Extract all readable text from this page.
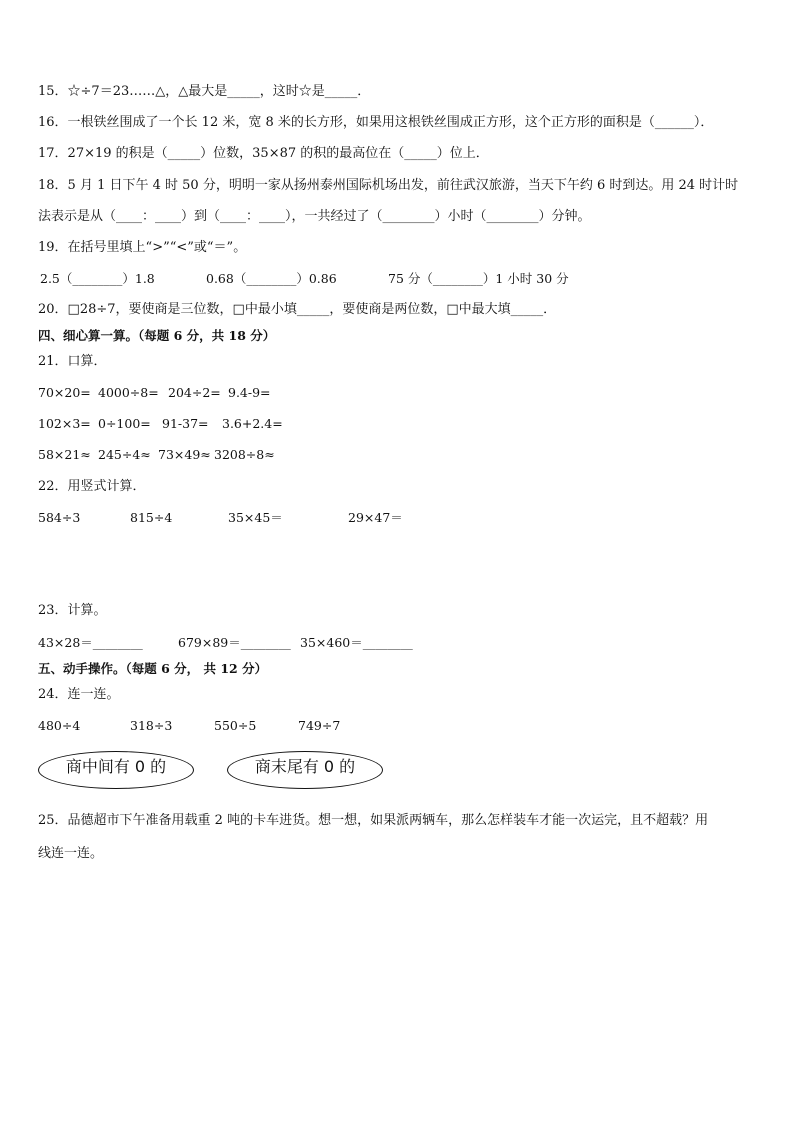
15．☆÷7＝23……△，△最大是_____，这时☆是_____．

16．一根铁丝围成了一个长 12 米，宽 8 米的长方形，如果用这根铁丝围成正方形，这个正方形的面积是（______）．

17．27×19 的积是（_____）位数，35×87 的积的最高位在（_____）位上．

18．5 月 1 日下午 4 时 50 分，明明一家从扬州泰州国际机场出发，前往武汉旅游，当天下午约 6 时到达。用 24 时计时

法表示是从（____：____）到（____：____），一共经过了（________）小时（________）分钟。

19．在括号里填上“>”“<”或“＝”。

2.5（________）1.8	0.68（________）0.86	75 分（________）1 小时 30 分

20．□28÷7，要使商是三位数，□中最小填_____，要使商是两位数，□中最大填_____．

四、细心算一算。（每题 6 分，共 18 分）

21．口算．

70×20= 4000÷8= 204÷2= 9.4-9=
102×3= 0÷100= 91-37= 3.6+2.4=
58×21≈ 245÷4≈ 73×49≈ 3208÷8≈

22．用竖式计算．

584÷3	815÷4	35×45＝	29×47＝

23．计算。

43×28＝________	679×89＝________ 35×460＝________

五、动手操作。（每题 6 分， 共 12 分）

24．连一连。

480÷4	318÷3	550÷5	749÷7
商中间有 0 的	商末尾有 0 的

25．品德超市下午准备用载重 2 吨的卡车进货。想一想，如果派两辆车，那么怎样装车才能一次运完，且不超载？用

线连一连。
